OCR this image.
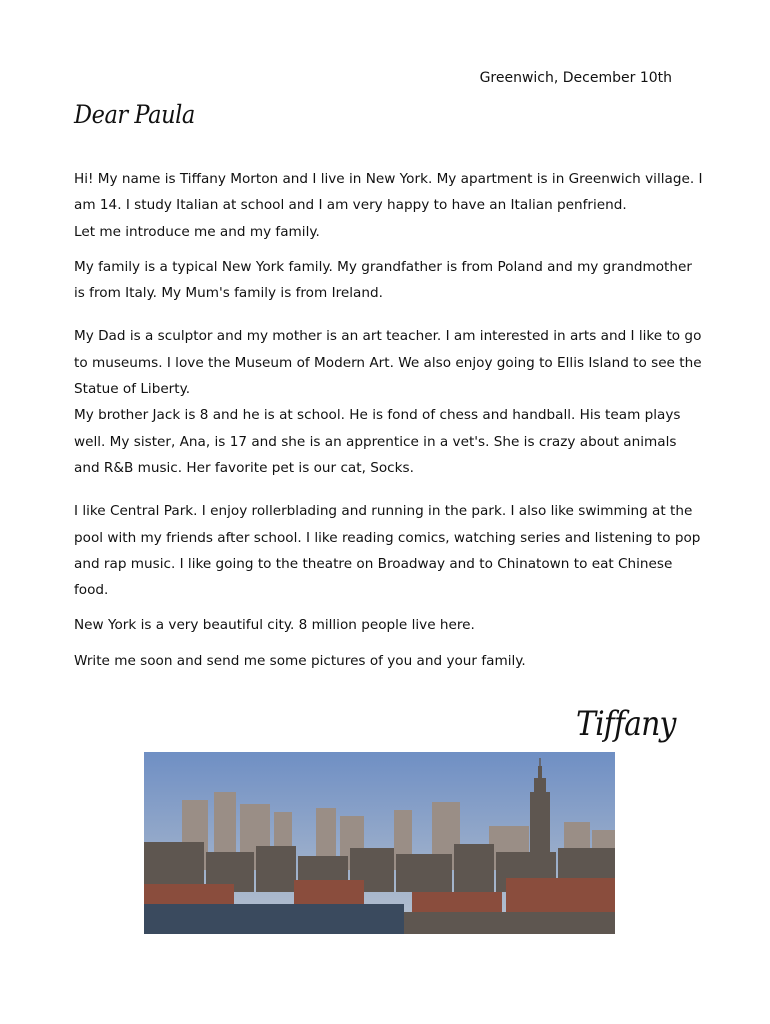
Greenwich, December 10th
Dear Paula

Hi! My name is Tiffany Morton and I live in New York. My apartment is in Greenwich village. I am 14. I study Italian at school and I am very happy to have an Italian penfriend.

Let me introduce me and my family.

My family is a typical New York family. My grandfather is from Poland and my grandmother is from Italy. My Mum's family is from Ireland.

My Dad is a sculptor and my mother is an art teacher. I am interested in arts and I like to go to museums. I love the Museum of Modern Art. We also enjoy going to Ellis Island to see the Statue of Liberty.

My brother Jack is 8 and he is at school. He is fond of chess and handball. His team plays well. My sister, Ana, is 17 and she is an apprentice in a vet's. She is crazy about animals and R&B music. Her favorite pet is our cat, Socks.

I like Central Park. I enjoy rollerblading and running in the park. I also like swimming at the pool with my friends after school. I like reading comics, watching series and listening to pop and rap music. I like going to the theatre on Broadway and to Chinatown to eat Chinese food.

New York is a very beautiful city. 8 million people live here.

Write me soon and send me some pictures of you and your family.

Tiffany
